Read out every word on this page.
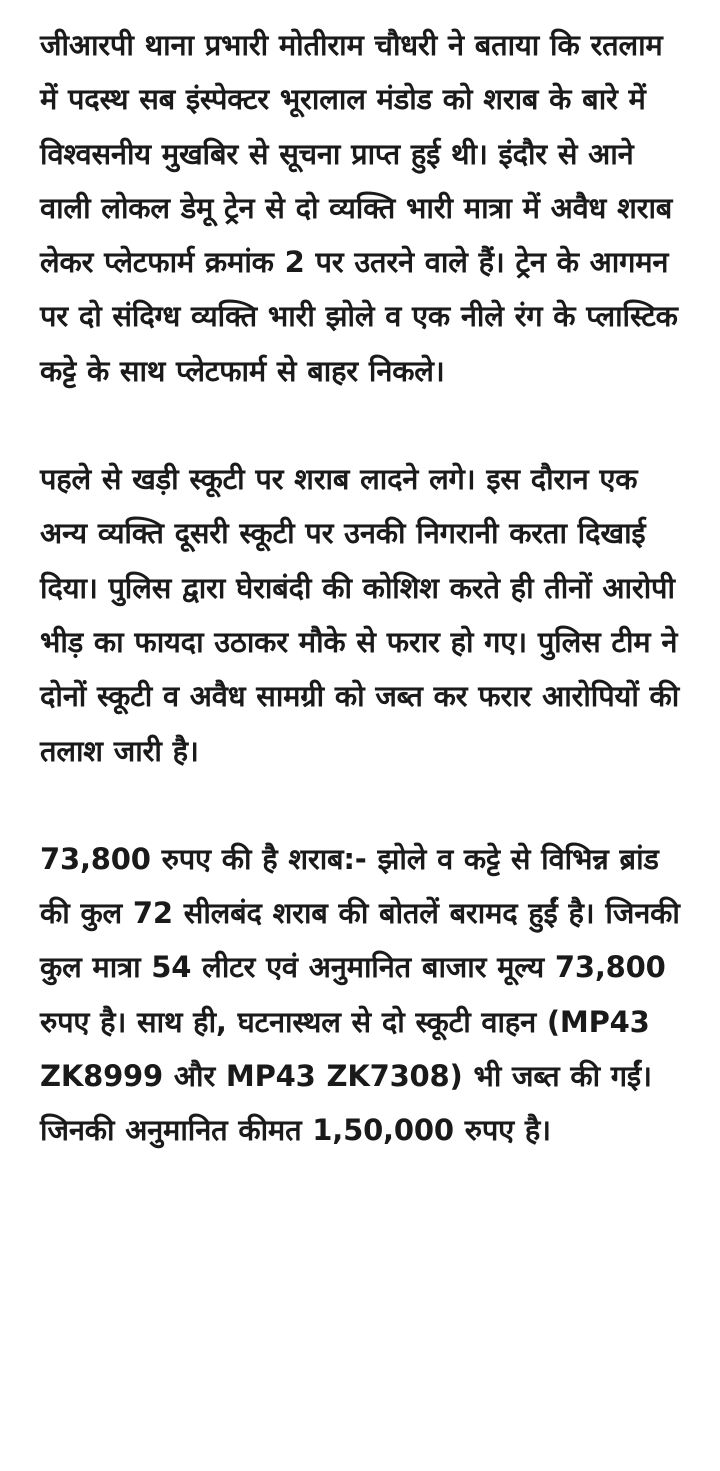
जीआरपी थाना प्रभारी मोतीराम चौधरी ने बताया कि रतलाम में पदस्थ सब इंस्पेक्टर भूरालाल मंडोड को शराब के बारे में विश्वसनीय मुखबिर से सूचना प्राप्त हुई थी। इंदौर से आने वाली लोकल डेमू ट्रेन से दो व्यक्ति भारी मात्रा में अवैध शराब लेकर प्लेटफार्म क्रमांक 2 पर उतरने वाले हैं। ट्रेन के आगमन पर दो संदिग्ध व्यक्ति भारी झोले व एक नीले रंग के प्लास्टिक कट्टे के साथ प्लेटफार्म से बाहर निकले।

पहले से खड़ी स्कूटी पर शराब लादने लगे। इस दौरान एक अन्य व्यक्ति दूसरी स्कूटी पर उनकी निगरानी करता दिखाई दिया। पुलिस द्वारा घेराबंदी की कोशिश करते ही तीनों आरोपी भीड़ का फायदा उठाकर मौके से फरार हो गए। पुलिस टीम ने दोनों स्कूटी व अवैध सामग्री को जब्त कर फरार आरोपियों की तलाश जारी है।

73,800 रुपए की है शराब:- झोले व कट्टे से विभिन्न ब्रांड की कुल 72 सीलबंद शराब की बोतलें बरामद हुईं है। जिनकी कुल मात्रा 54 लीटर एवं अनुमानित बाजार मूल्य 73,800 रुपए है। साथ ही, घटनास्थल से दो स्कूटी वाहन (MP43 ZK8999 और MP43 ZK7308) भी जब्त की गईं। जिनकी अनुमानित कीमत 1,50,000 रुपए है।
